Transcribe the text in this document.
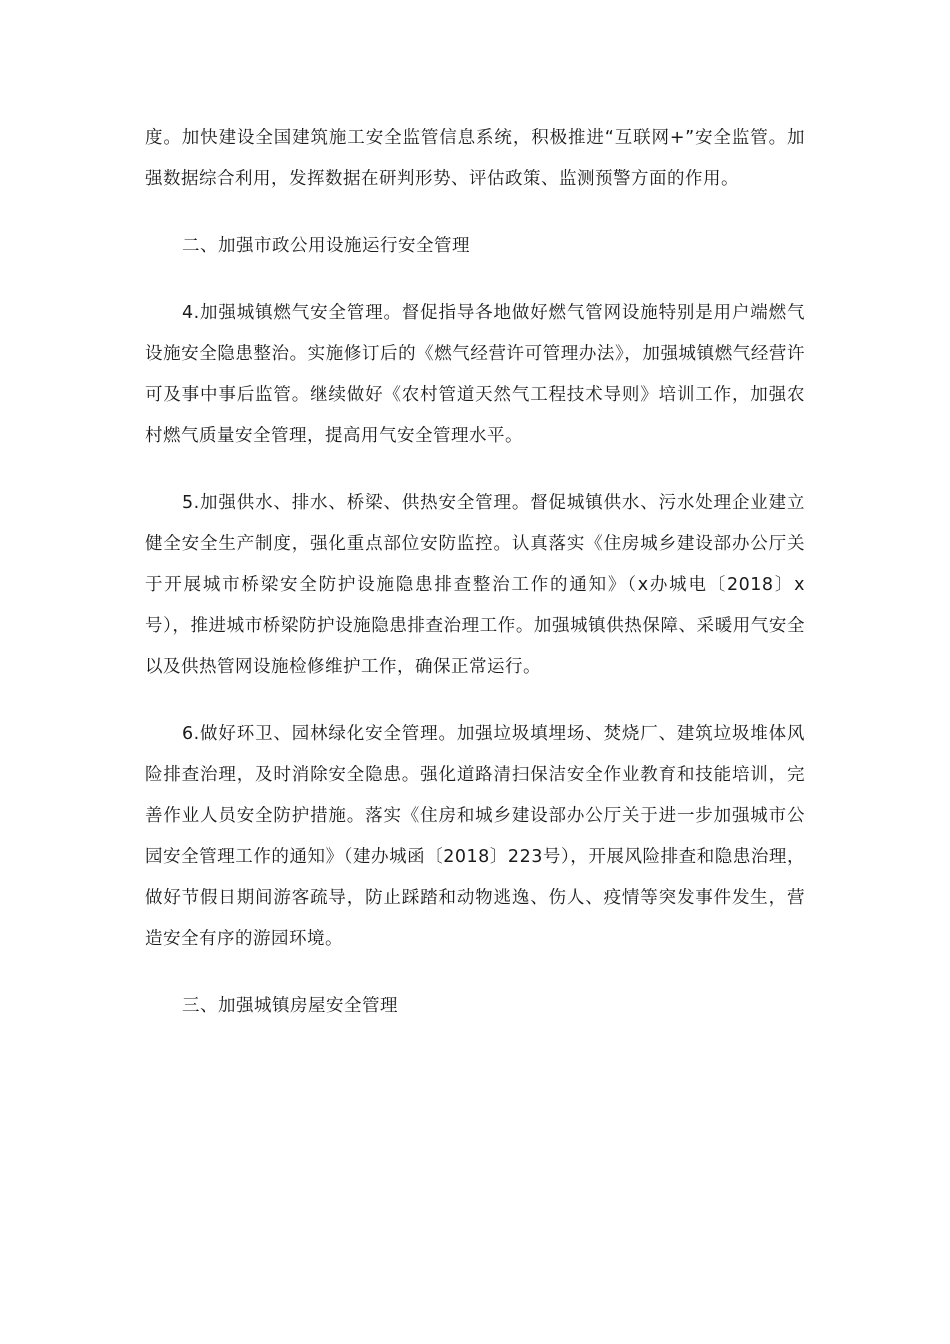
度。加快建设全国建筑施工安全监管信息系统，积极推进“互联网+”安全监管。加强数据综合利用，发挥数据在研判形势、评估政策、监测预警方面的作用。

二、加强市政公用设施运行安全管理

4.加强城镇燃气安全管理。督促指导各地做好燃气管网设施特别是用户端燃气设施安全隐患整治。实施修订后的《燃气经营许可管理办法》，加强城镇燃气经营许可及事中事后监管。继续做好《农村管道天然气工程技术导则》培训工作，加强农村燃气质量安全管理，提高用气安全管理水平。

5.加强供水、排水、桥梁、供热安全管理。督促城镇供水、污水处理企业建立健全安全生产制度，强化重点部位安防监控。认真落实《住房城乡建设部办公厅关于开展城市桥梁安全防护设施隐患排查整治工作的通知》（x办城电〔2018〕x号），推进城市桥梁防护设施隐患排查治理工作。加强城镇供热保障、采暖用气安全以及供热管网设施检修维护工作，确保正常运行。

6.做好环卫、园林绿化安全管理。加强垃圾填埋场、焚烧厂、建筑垃圾堆体风险排查治理，及时消除安全隐患。强化道路清扫保洁安全作业教育和技能培训，完善作业人员安全防护措施。落实《住房和城乡建设部办公厅关于进一步加强城市公园安全管理工作的通知》（建办城函〔2018〕223号），开展风险排查和隐患治理，做好节假日期间游客疏导，防止踩踏和动物逃逸、伤人、疫情等突发事件发生，营造安全有序的游园环境。

三、加强城镇房屋安全管理
